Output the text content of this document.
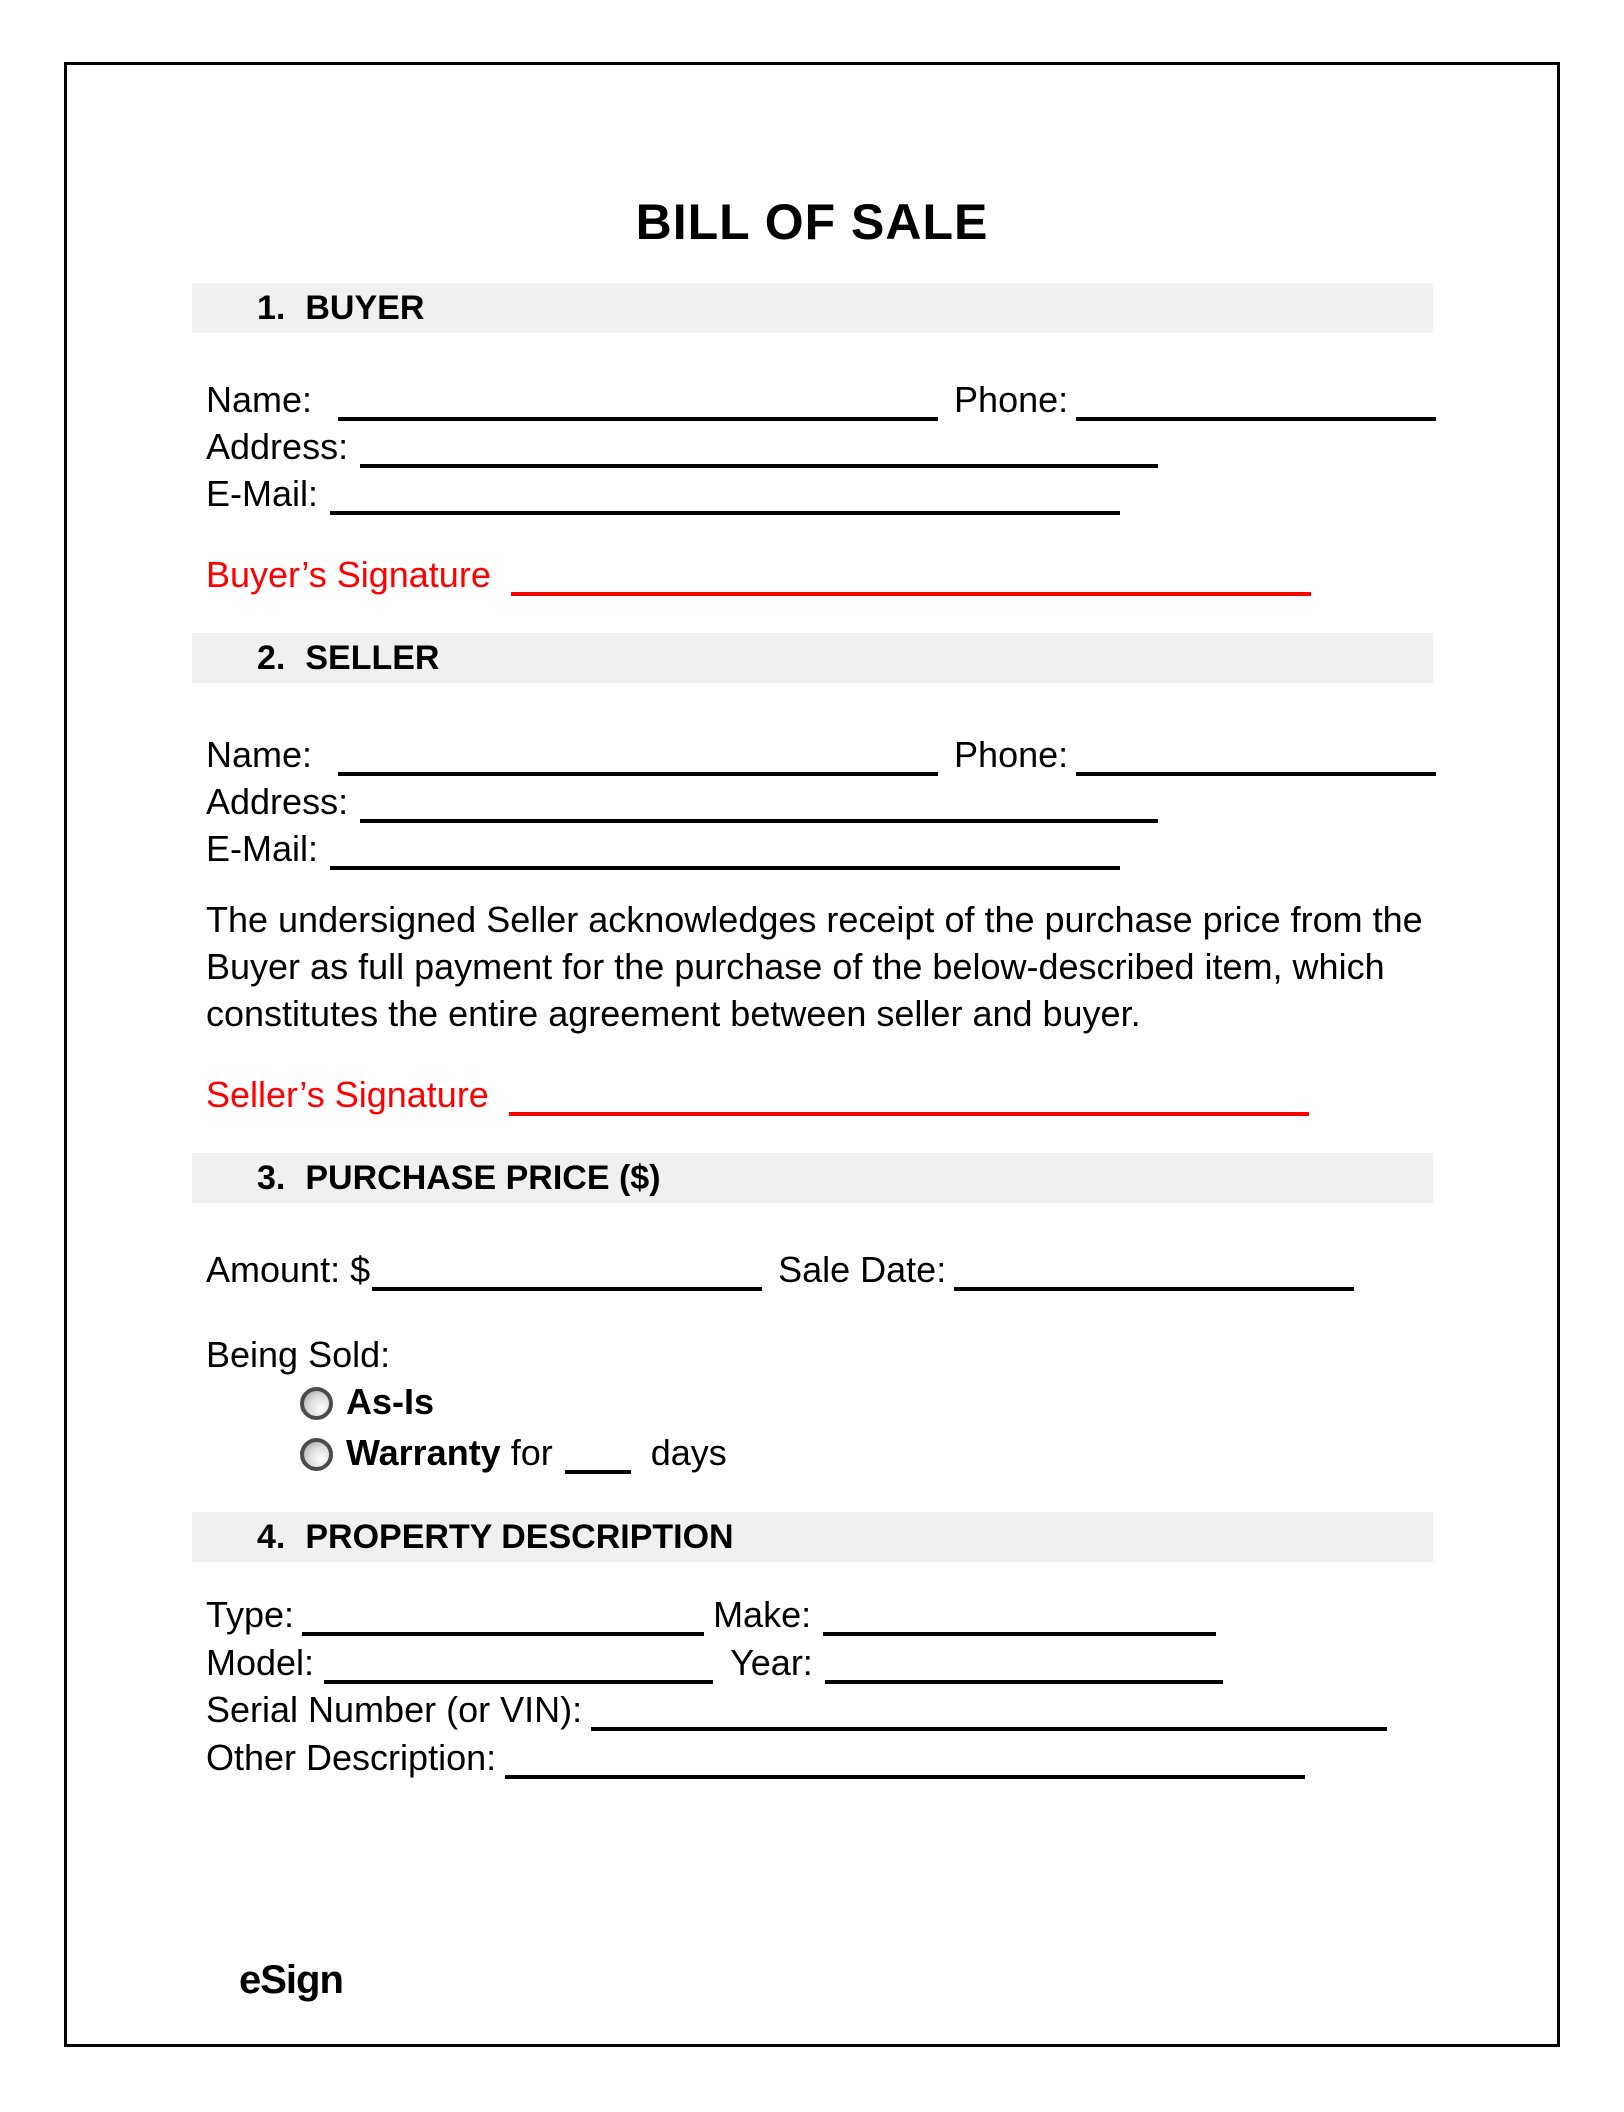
BILL OF SALE
1. BUYER
Name:	Phone:
Address:
E-Mail:
Buyer’s Signature
2. SELLER
Name:	Phone:
Address:
E-Mail:
The undersigned Seller acknowledges receipt of the purchase price from the Buyer as full payment for the purchase of the below-described item, which constitutes the entire agreement between seller and buyer.
Seller’s Signature
3. PURCHASE PRICE ($)
Amount: $	Sale Date:
Being Sold:
As-Is
Warranty for	days
4. PROPERTY DESCRIPTION
Type:	Make:
Model:	Year:
Serial Number (or VIN):
Other Description:
eSign
